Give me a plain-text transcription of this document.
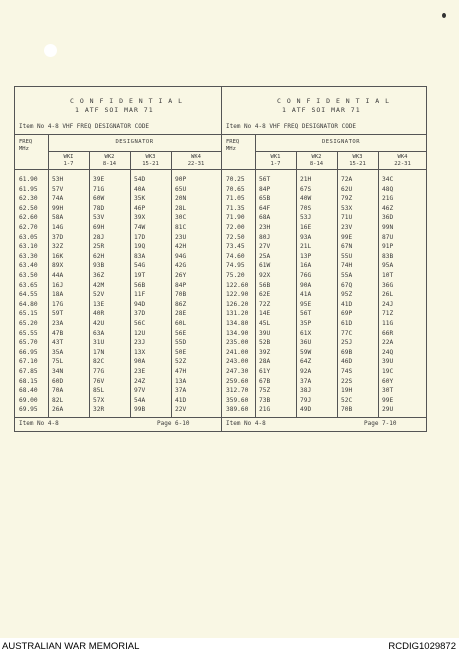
C O N F I D E N T I A L
1 ATF SOI MAR 71
Item No 4-8 VHF FREQ DESIGNATOR CODE
FREQ MHz
DESIGNATOR
WKI
1-7
WK2
8-14
WK3
15-21
WK4
22-31
61.90 53H	39E	54D	90P
61.95 57V	71G	40A	65U
62.30 74A	60W	35K	20N
62.50 99H	78D	46P	28L
62.60 58A	53V	39X	30C
62.70 14G	69H	74W	81C
63.05 37D	28J	17D	23U
63.10 32Z	25R	19Q	42H
63.30 16K	62H	83A	94G
63.40 89X	93B	54G	42G
63.50 44A	36Z	19T	26Y
63.65 16J	42M	56B	84P
64.55 18A	52V	11F	70B
64.80 17G	13E	94D	86Z
65.15 59T	40R	37D	28E
65.20 23A	42U	56C	60L
65.55 47B	63A	12U	56E
65.70 43T	31U	23J	55D
66.95 35A	17N	13X	50E
67.10 75L	82C	90A	52Z
67.85 34N	77G	23E	47H
68.15 60D	76V	24Z	13A
68.40 70A	85L	97V	37A
69.00 82L	57X	54A	41D
69.95 26A	32R	99B	22V
Item No 4-8	Page 6-10
C O N F I D E N T I A L
1 ATF SOI MAR 71
Item No 4-8 VHF FREQ DESIGNATOR CODE
FREQ MHz
DESIGNATOR
WK1
1-7
WK2
8-14
WK3
15-21
WK4
22-31
70.25 56T	21H	72A	34C
70.65 84P	67S	62U	48Q
71.05 65B	40W	79Z	21G
71.35 64F	70S	53X	46Z
71.90 68A	53J	71U	36D
72.00 23H	16E	23V	99N
72.50 80J	93A	99E	87U
73.45 27V	21L	67N	91P
74.60 25A	13P	55U	83B
74.95 61W	16A	74H	95A
75.20 92X	76G	55A	10T
122.60 56B	90A	67Q	36G
122.90 62E	41A	95Z	26L
126.20 72Z	95E	41D	24J
131.20 14E	56T	69P	71Z
134.80 45L	35P	61D	11G
134.90 39U	61X	77C	66R
235.00 52B	36U	25J	22A
241.00 39Z	59W	69B	24Q
243.00 28A	64Z	46D	39U
247.30 61Y	92A	74S	19C
259.60 67B	37A	22S	60Y
312.70 75Z	38J	19H	30T
359.60 73B	79J	52C	99E
389.60 21G	49D	70B	29U
Item No 4-8	Page 7-10
AUSTRALIAN WAR MEMORIAL	RCDIG1029872
